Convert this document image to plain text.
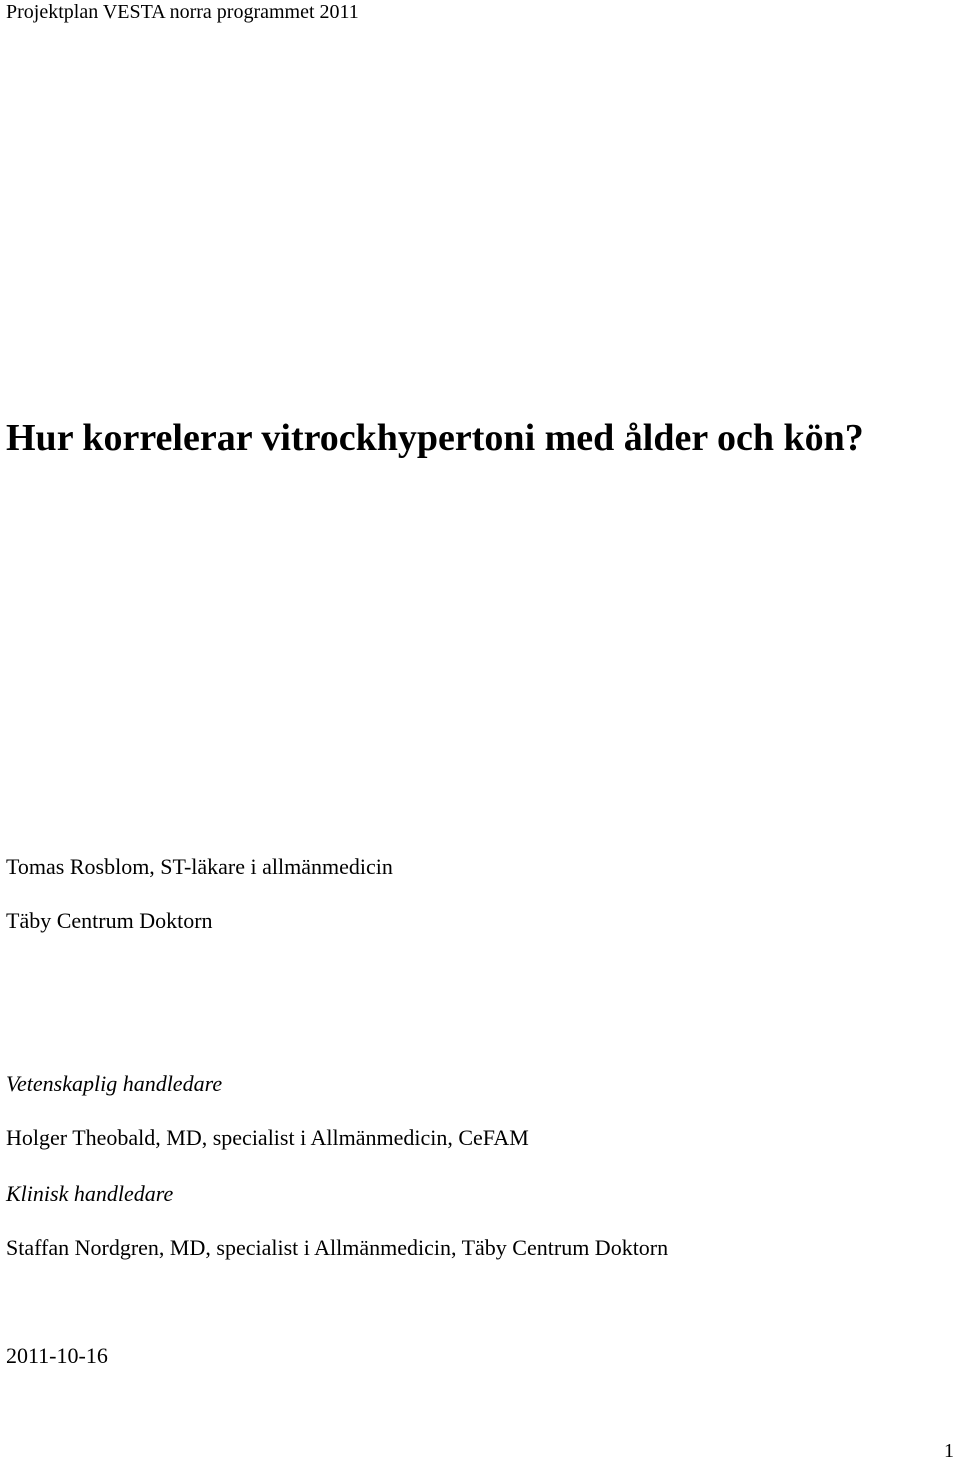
Projektplan VESTA norra programmet 2011

Hur korrelerar vitrockhypertoni med ålder och kön?

Tomas Rosblom, ST-läkare i allmänmedicin

Täby Centrum Doktorn

Vetenskaplig handledare

Holger Theobald, MD, specialist i Allmänmedicin, CeFAM

Klinisk handledare

Staffan Nordgren, MD, specialist i Allmänmedicin, Täby Centrum Doktorn

2011-10-16

1
